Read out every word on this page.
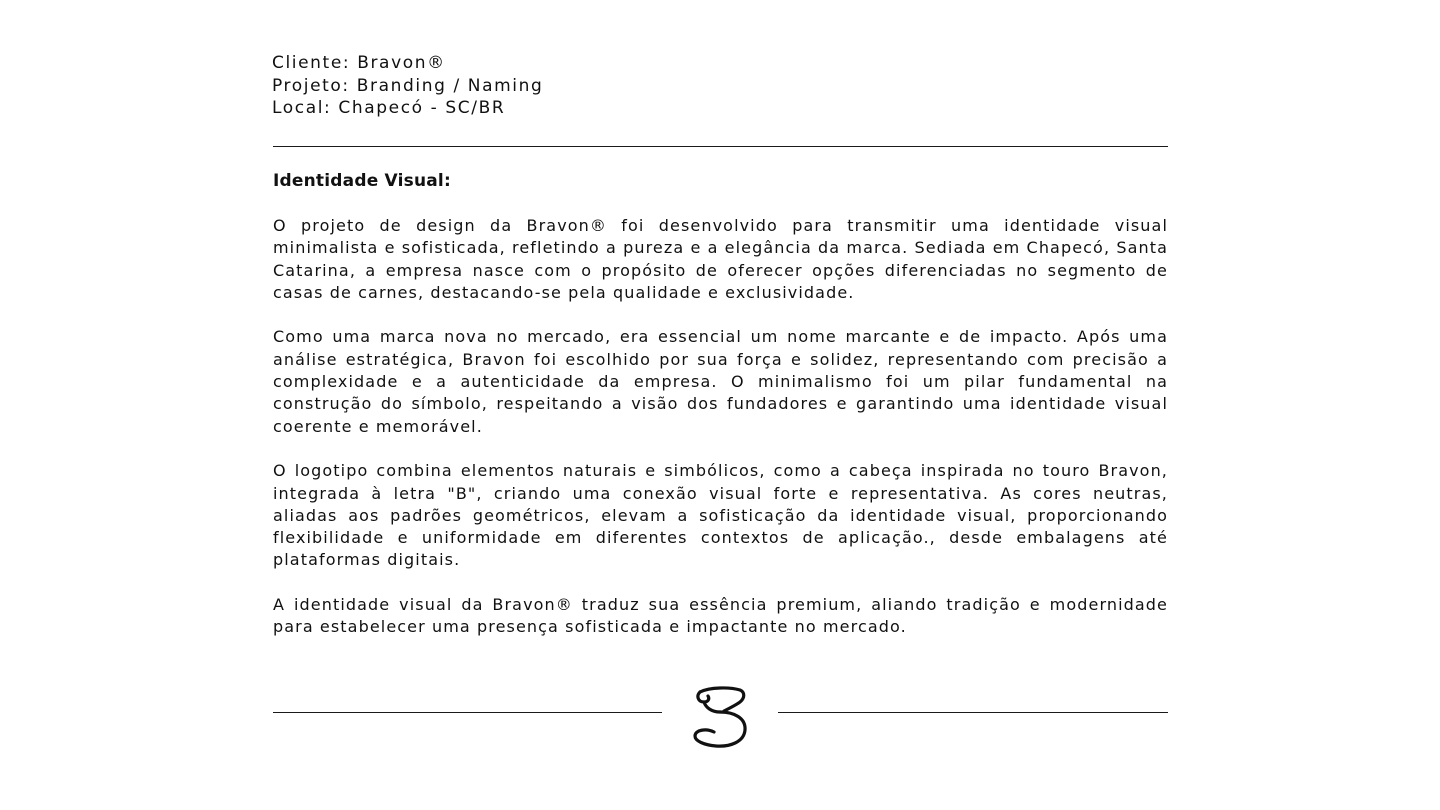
Cliente: Bravon®
Projeto: Branding / Naming
Local: Chapecó - SC/BR
Identidade Visual:

O projeto de design da Bravon® foi desenvolvido para transmitir uma identidade visual minimalista e sofisticada, refletindo a pureza e a elegância da marca. Sediada em Chapecó, Santa Catarina, a empresa nasce com o propósito de oferecer opções diferenciadas no segmento de casas de carnes, destacando-se pela qualidade e exclusividade.

Como uma marca nova no mercado, era essencial um nome marcante e de impacto. Após uma análise estratégica, Bravon foi escolhido por sua força e solidez, representando com precisão a complexidade e a autenticidade da empresa. O minimalismo foi um pilar fundamental na construção do símbolo, respeitando a visão dos fundadores e garantindo uma identidade visual coerente e memorável.

O logotipo combina elementos naturais e simbólicos, como a cabeça inspirada no touro Bravon, integrada à letra "B", criando uma conexão visual forte e representativa. As cores neutras, aliadas aos padrões geométricos, elevam a sofisticação da identidade visual, proporcionando flexibilidade e uniformidade em diferentes contextos de aplicação., desde embalagens até plataformas digitais.

A identidade visual da Bravon® traduz sua essência premium, aliando tradição e modernidade para estabelecer uma presença sofisticada e impactante no mercado.
